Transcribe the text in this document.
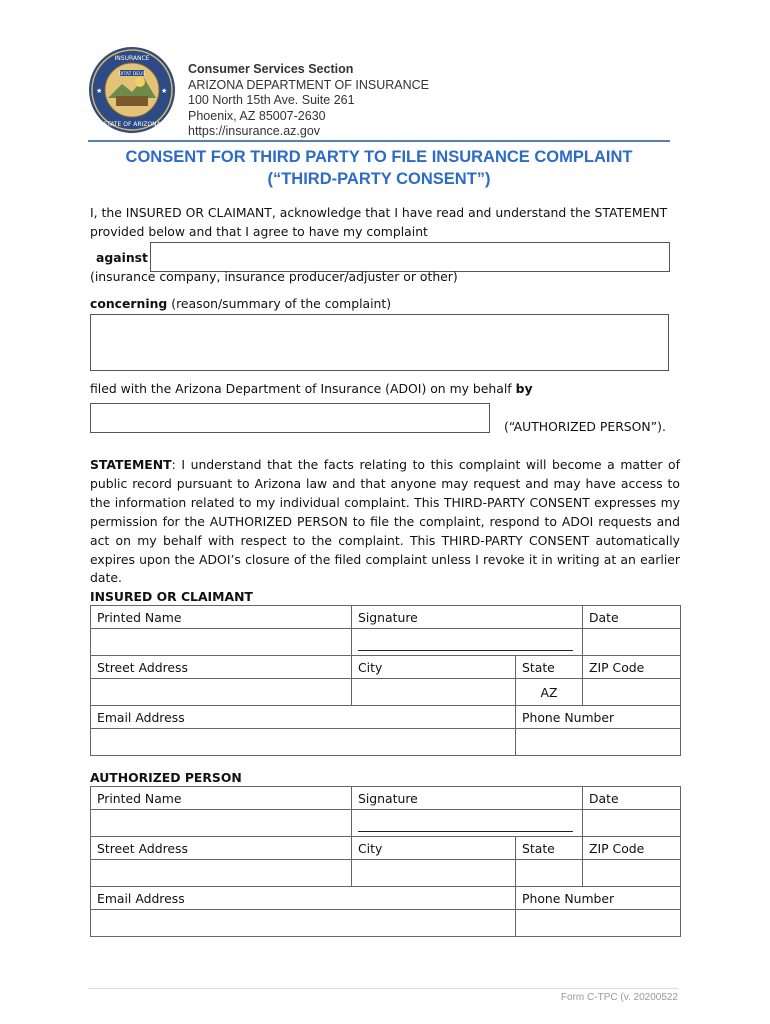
DITAT DEUS
INSURANCE
STATE OF ARIZONA
★	★
Consumer Services Section
ARIZONA DEPARTMENT OF INSURANCE
100 North 15th Ave. Suite 261
Phoenix, AZ 85007-2630
https://insurance.az.gov
CONSENT FOR THIRD PARTY TO FILE INSURANCE COMPLAINT
(“THIRD-PARTY CONSENT”)
I, the INSURED OR CLAIMANT, acknowledge that I have read and understand the STATEMENT
provided below and that I agree to have my complaint
against
(insurance company, insurance producer/adjuster or other)
concerning (reason/summary of the complaint)
filed with the Arizona Department of Insurance (ADOI) on my behalf by
(“AUTHORIZED PERSON”).

STATEMENT: I understand that the facts relating to this complaint will become a matter of public record pursuant to Arizona law and that anyone may request and may have access to the information related to my individual complaint. This THIRD-PARTY CONSENT expresses my permission for the AUTHORIZED PERSON to file the complaint, respond to ADOI requests and act on my behalf with respect to the complaint. This THIRD-PARTY CONSENT automatically expires upon the ADOI’s closure of the filed complaint unless I revoke it in writing at an earlier date.

INSURED OR CLAIMANT
Printed Name	Signature		Date

Street Address	City	State	ZIP Code
		AZ	
Email Address		Phone Number	

AUTHORIZED PERSON
Printed Name	Signature		Date

Street Address	City	State	ZIP Code

Email Address		Phone Number	

Form C-TPC (v. 20200522
